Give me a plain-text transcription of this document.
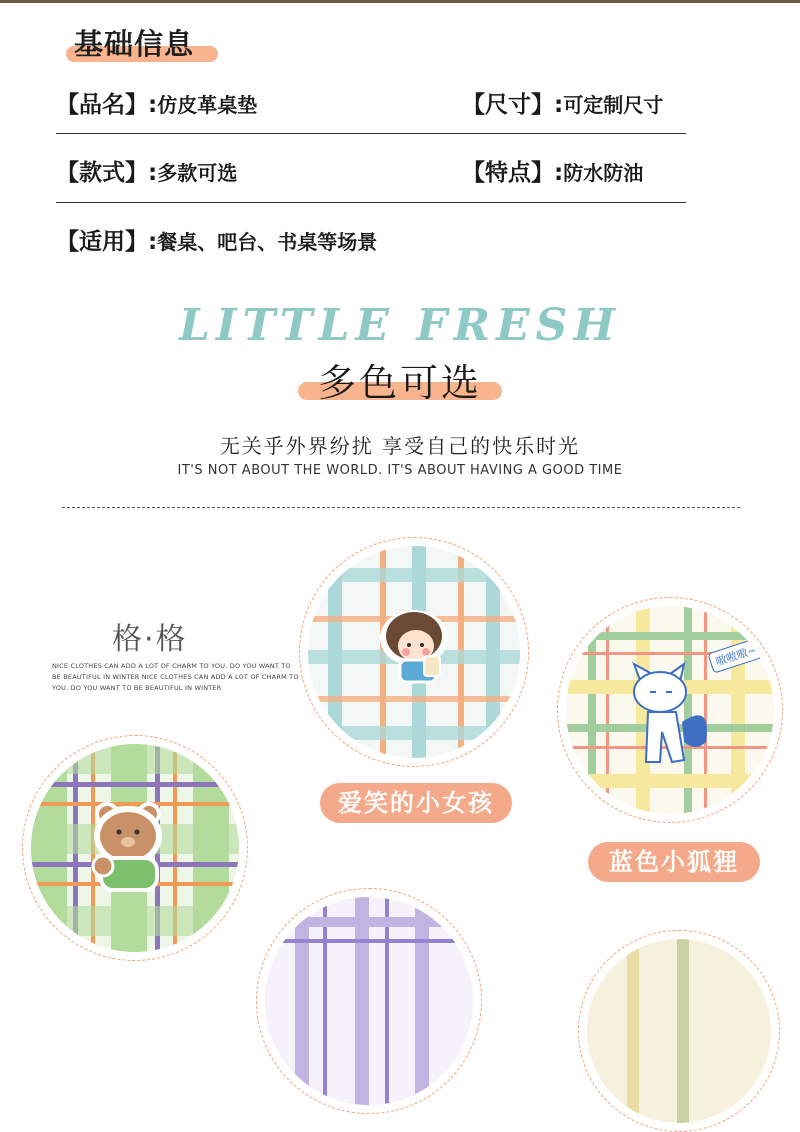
基础信息
【品名】:仿皮革桌垫	【尺寸】:可定制尺寸
【款式】:多款可选	【特点】:防水防油
【适用】:餐桌、吧台、书桌等场景
LITTLE FRESH
多色可选
无关乎外界纷扰 享受自己的快乐时光
IT'S NOT ABOUT THE WORLD. IT'S ABOUT HAVING A GOOD TIME
格·格
NICE CLOTHES CAN ADD A LOT OF CHARM TO YOU. DO YOU WANT TO BE BEAUTIFUL IN WINTER NICE CLOTHES CAN ADD A LOT OF CHARM TO YOU. DO YOU WANT TO BE BEAUTIFUL IN WINTER
嗷嗷嗷~
爱笑的小女孩
蓝色小狐狸
